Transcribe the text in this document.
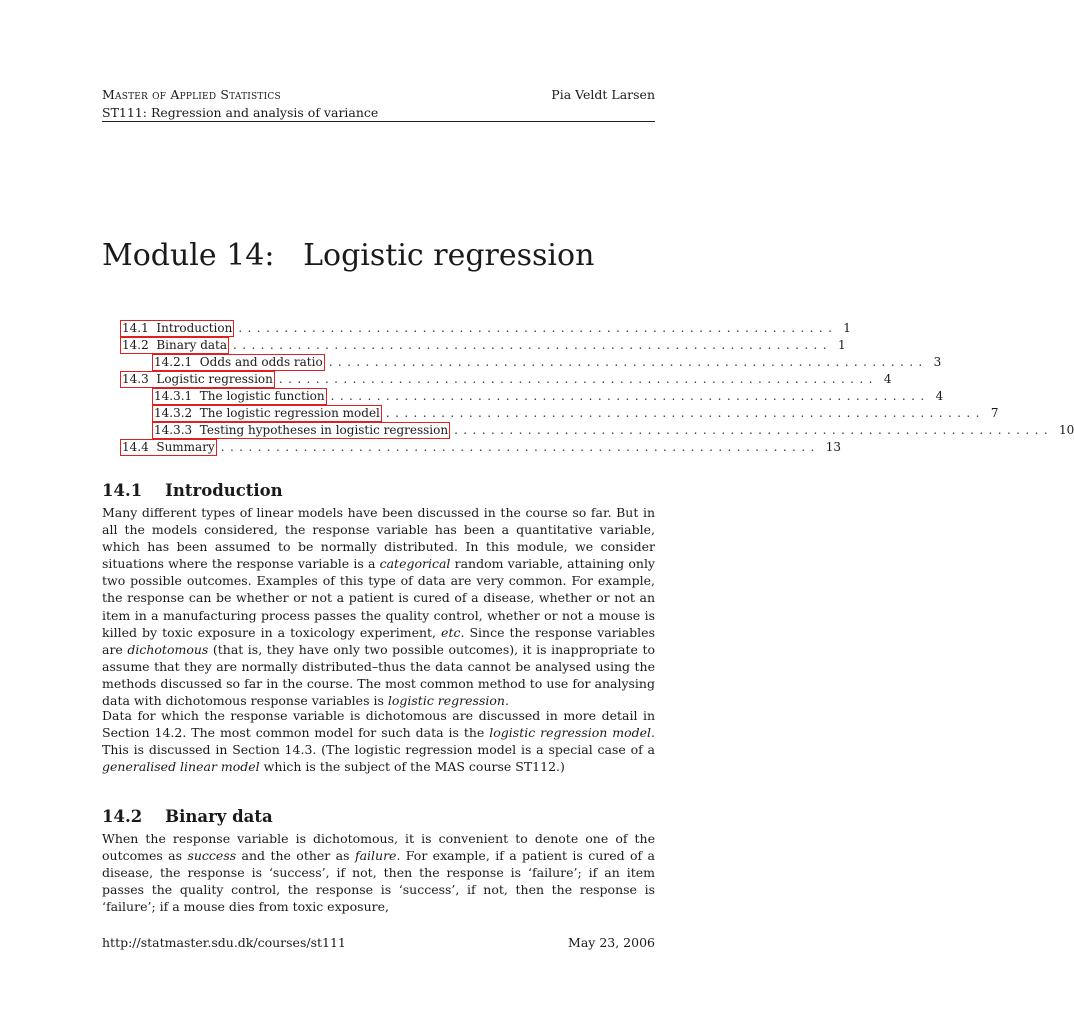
Master of Applied Statistics
ST111: Regression and analysis of variance
Pia Veldt Larsen
Module 14:   Logistic regression
14.1  Introduction ................................................................. 1
14.2  Binary data ................................................................. 1
14.2.1  Odds and odds ratio ................................................................. 3
14.3  Logistic regression ................................................................. 4
14.3.1  The logistic function ................................................................. 4
14.3.2  The logistic regression model ................................................................. 7
14.3.3  Testing hypotheses in logistic regression ................................................................. 10
14.4  Summary ................................................................. 13
14.1    Introduction

Many different types of linear models have been discussed in the course so far. But in all the models considered, the response variable has been a quantitative variable, which has been assumed to be normally distributed. In this module, we consider situations where the response variable is a categorical random variable, attaining only two possible outcomes. Examples of this type of data are very common. For example, the response can be whether or not a patient is cured of a disease, whether or not an item in a manufacturing process passes the quality control, whether or not a mouse is killed by toxic exposure in a toxicology experiment, etc. Since the response variables are dichotomous (that is, they have only two possible outcomes), it is inappropriate to assume that they are normally distributed–thus the data cannot be analysed using the methods discussed so far in the course. The most common method to use for analysing data with dichotomous response variables is logistic regression.

Data for which the response variable is dichotomous are discussed in more detail in Section 14.2. The most common model for such data is the logistic regression model. This is discussed in Section 14.3. (The logistic regression model is a special case of a generalised linear model which is the subject of the MAS course ST112.)

14.2    Binary data

When the response variable is dichotomous, it is convenient to denote one of the outcomes as success and the other as failure. For example, if a patient is cured of a disease, the response is ‘success’, if not, then the response is ‘failure’; if an item passes the quality control, the response is ‘success’, if not, then the response is ‘failure’; if a mouse dies from toxic exposure,

http://statmaster.sdu.dk/courses/st111	May 23, 2006
